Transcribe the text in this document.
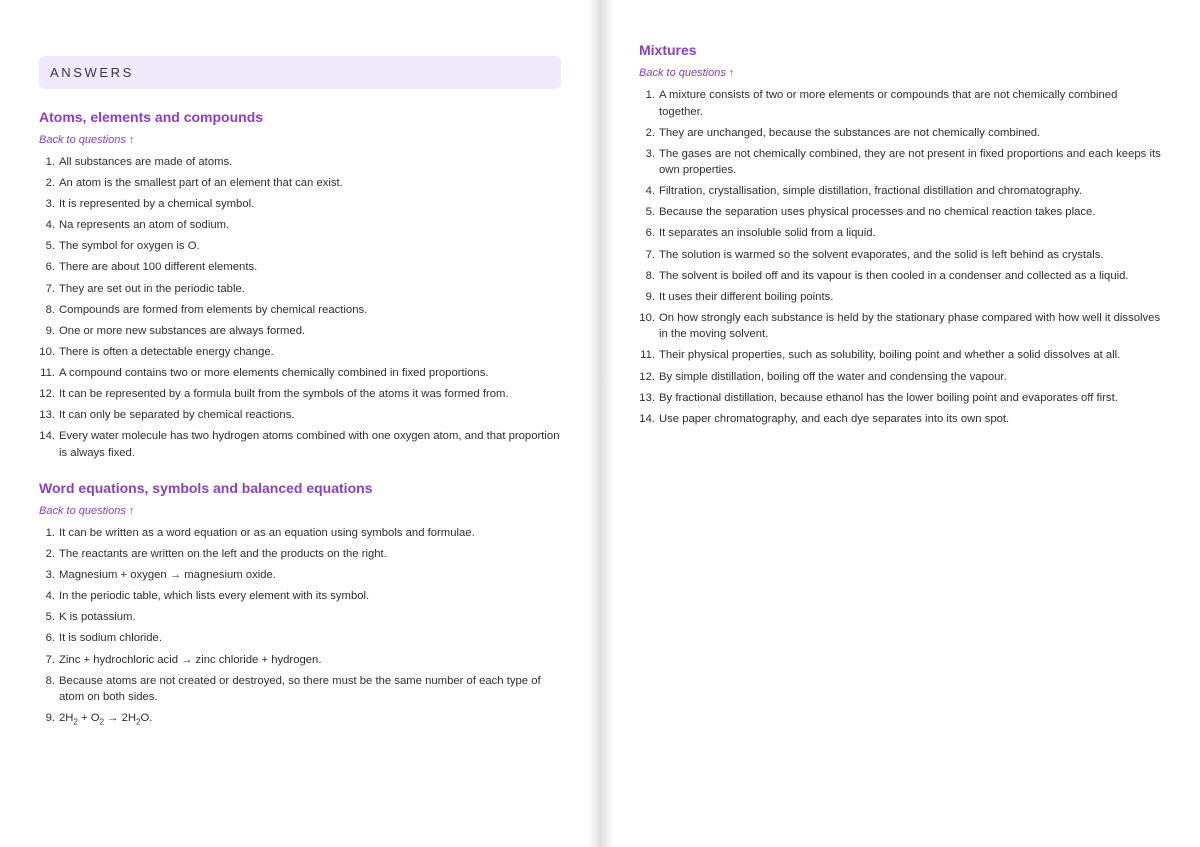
ANSWERS
Atoms, elements and compounds
Back to questions ↑
1. All substances are made of atoms.
2. An atom is the smallest part of an element that can exist.
3. It is represented by a chemical symbol.
4. Na represents an atom of sodium.
5. The symbol for oxygen is O.
6. There are about 100 different elements.
7. They are set out in the periodic table.
8. Compounds are formed from elements by chemical reactions.
9. One or more new substances are always formed.
10. There is often a detectable energy change.
11. A compound contains two or more elements chemically combined in fixed proportions.
12. It can be represented by a formula built from the symbols of the atoms it was formed from.
13. It can only be separated by chemical reactions.
14. Every water molecule has two hydrogen atoms combined with one oxygen atom, and that proportion is always fixed.
Word equations, symbols and balanced equations
Back to questions ↑
1. It can be written as a word equation or as an equation using symbols and formulae.
2. The reactants are written on the left and the products on the right.
3. Magnesium + oxygen → magnesium oxide.
4. In the periodic table, which lists every element with its symbol.
5. K is potassium.
6. It is sodium chloride.
7. Zinc + hydrochloric acid → zinc chloride + hydrogen.
8. Because atoms are not created or destroyed, so there must be the same number of each type of atom on both sides.
9. $2H_2 + O_2 \to 2H_2O$.
Mixtures
Back to questions ↑
1. A mixture consists of two or more elements or compounds that are not chemically combined together.
2. They are unchanged, because the substances are not chemically combined.
3. The gases are not chemically combined, they are not present in fixed proportions and each keeps its own properties.
4. Filtration, crystallisation, simple distillation, fractional distillation and chromatography.
5. Because the separation uses physical processes and no chemical reaction takes place.
6. It separates an insoluble solid from a liquid.
7. The solution is warmed so the solvent evaporates, and the solid is left behind as crystals.
8. The solvent is boiled off and its vapour is then cooled in a condenser and collected as a liquid.
9. It uses their different boiling points.
10. On how strongly each substance is held by the stationary phase compared with how well it dissolves in the moving solvent.
11. Their physical properties, such as solubility, boiling point and whether a solid dissolves at all.
12. By simple distillation, boiling off the water and condensing the vapour.
13. By fractional distillation, because ethanol has the lower boiling point and evaporates off first.
14. Use paper chromatography, and each dye separates into its own spot.
